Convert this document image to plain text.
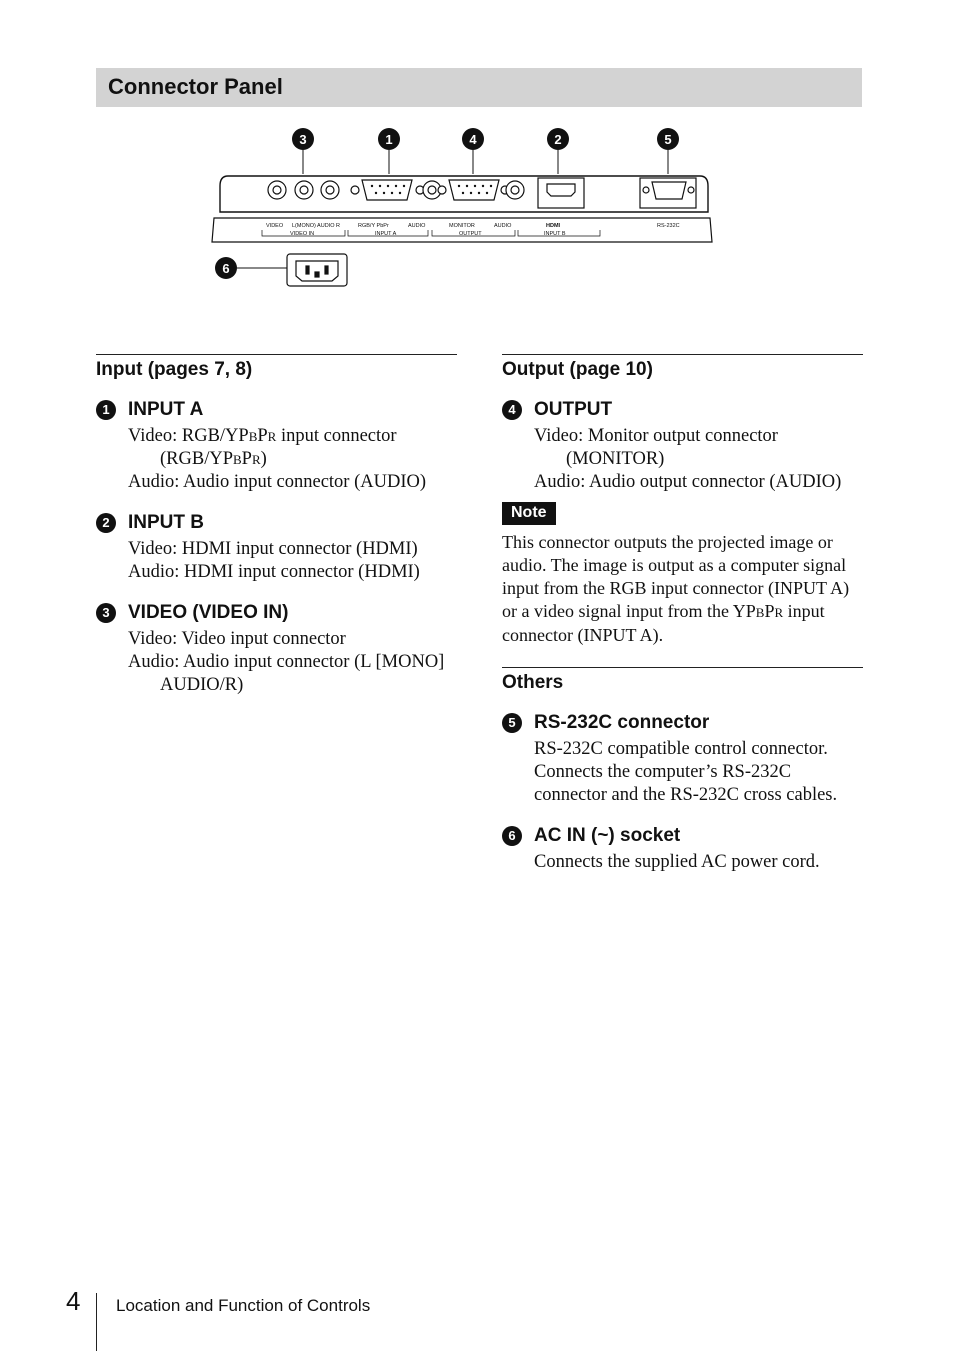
Connector Panel
VIDEO L(MONO) AUDIO R	RGB/Y PbPr	AUDIO	MONITOR	AUDIO	HDMI	RS-232C
VIDEO IN	INPUT A	OUTPUT	INPUT B
3	1	4	2	5
6
Input (pages 7, 8)
1 INPUT A
Video: RGB/YPBPR input connector (RGB/YPBPR)
Audio: Audio input connector (AUDIO)
2 INPUT B
Video: HDMI input connector (HDMI)
Audio: HDMI input connector (HDMI)
3 VIDEO (VIDEO IN)
Video: Video input connector
Audio: Audio input connector (L [MONO] AUDIO/R)
Output (page 10)
4 OUTPUT
Video: Monitor output connector (MONITOR)
Audio: Audio output connector (AUDIO)
Note

This connector outputs the projected image or audio. The image is output as a computer signal input from the RGB input connector (INPUT A) or a video signal input from the YPBPR input connector (INPUT A).

Others
5 RS-232C connector
RS-232C compatible control connector. Connects the computer’s RS-232C connector and the RS-232C cross cables.
6 AC IN (~) socket
Connects the supplied AC power cord.
4 Location and Function of Controls
